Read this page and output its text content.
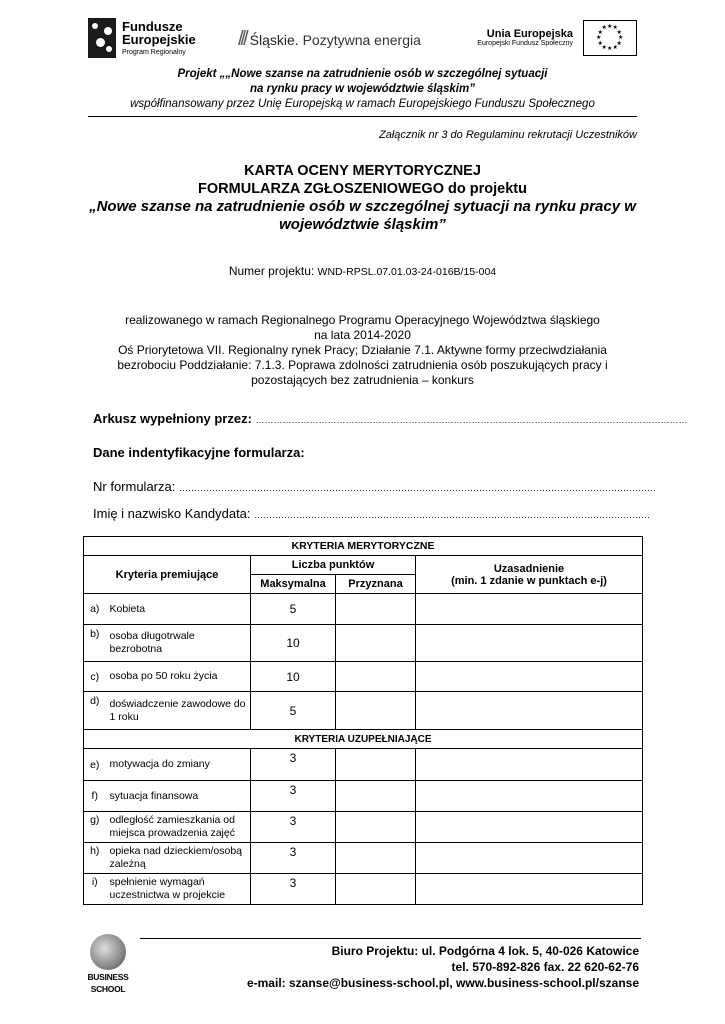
Fundusze
Europejskie
Program Regionalny
/// Śląskie. Pozytywna energia	Unia Europejska
Europejski Fundusz Społeczny
★ ★
★
★
★
★
★
★
★
★
★
★
Projekt „„Nowe szanse na zatrudnienie osób w szczególnej sytuacji
na rynku pracy w województwie śląskim”
współfinansowany przez Unię Europejską w ramach Europejskiego Funduszu Społecznego
Załącznik nr 3 do Regulaminu rekrutacji Uczestników
KARTA OCENY MERYTORYCZNEJ
FORMULARZA ZGŁOSZENIOWEGO do projektu
„Nowe szanse na zatrudnienie osób w szczególnej sytuacji na rynku pracy w
województwie śląskim”
Numer projektu: WND-RPSL.07.01.03-24-016B/15-004
realizowanego w ramach Regionalnego Programu Operacyjnego Województwa śląskiego
na lata 2014-2020
Oś Priorytetowa VII. Regionalny rynek Pracy; Działanie 7.1. Aktywne formy przeciwdziałania
bezrobociu Poddziałanie: 7.1.3. Poprawa zdolności zatrudnienia osób poszukujących pracy i
pozostających bez zatrudnienia – konkurs
Arkusz wypełniony przez: ………………………………………………………………………………………………………………………………
Dane indentyfikacyjne formularza:
Nr formularza: ……………………………………………………………………………………………………………………………………………
Imię i nazwisko Kandydata: ……………………………………………………………………………………………………………………
KRYTERIA MERYTORYCZNE				
Kryteria premiujące		Liczba punktów		Uzasadnienie
(min. 1 zdanie w punktach e-j)

		Maksymalna	Przyznana	
a)	Kobieta	5		
b)	osoba długotrwale bezrobotna	10		
c)	osoba po 50 roku życia	10		
d)	doświadczenie zawodowe do 1 roku	5		
KRYTERIA UZUPEŁNIAJĄCE				
e)	motywacja do zmiany	3		
f)	sytuacja finansowa	3		
g)	odległość zamieszkania od miejsca prowadzenia zajęć	3		
h)	opieka nad dzieckiem/osobą zależną	3		
i)	spełnienie wymagań uczestnictwa w projekcie	3		
BUSINESS
SCHOOL
Biuro Projektu: ul. Podgórna 4 lok. 5, 40-026 Katowice
tel. 570-892-826 fax. 22 620-62-76
e-mail: szanse@business-school.pl, www.business-school.pl/szanse
